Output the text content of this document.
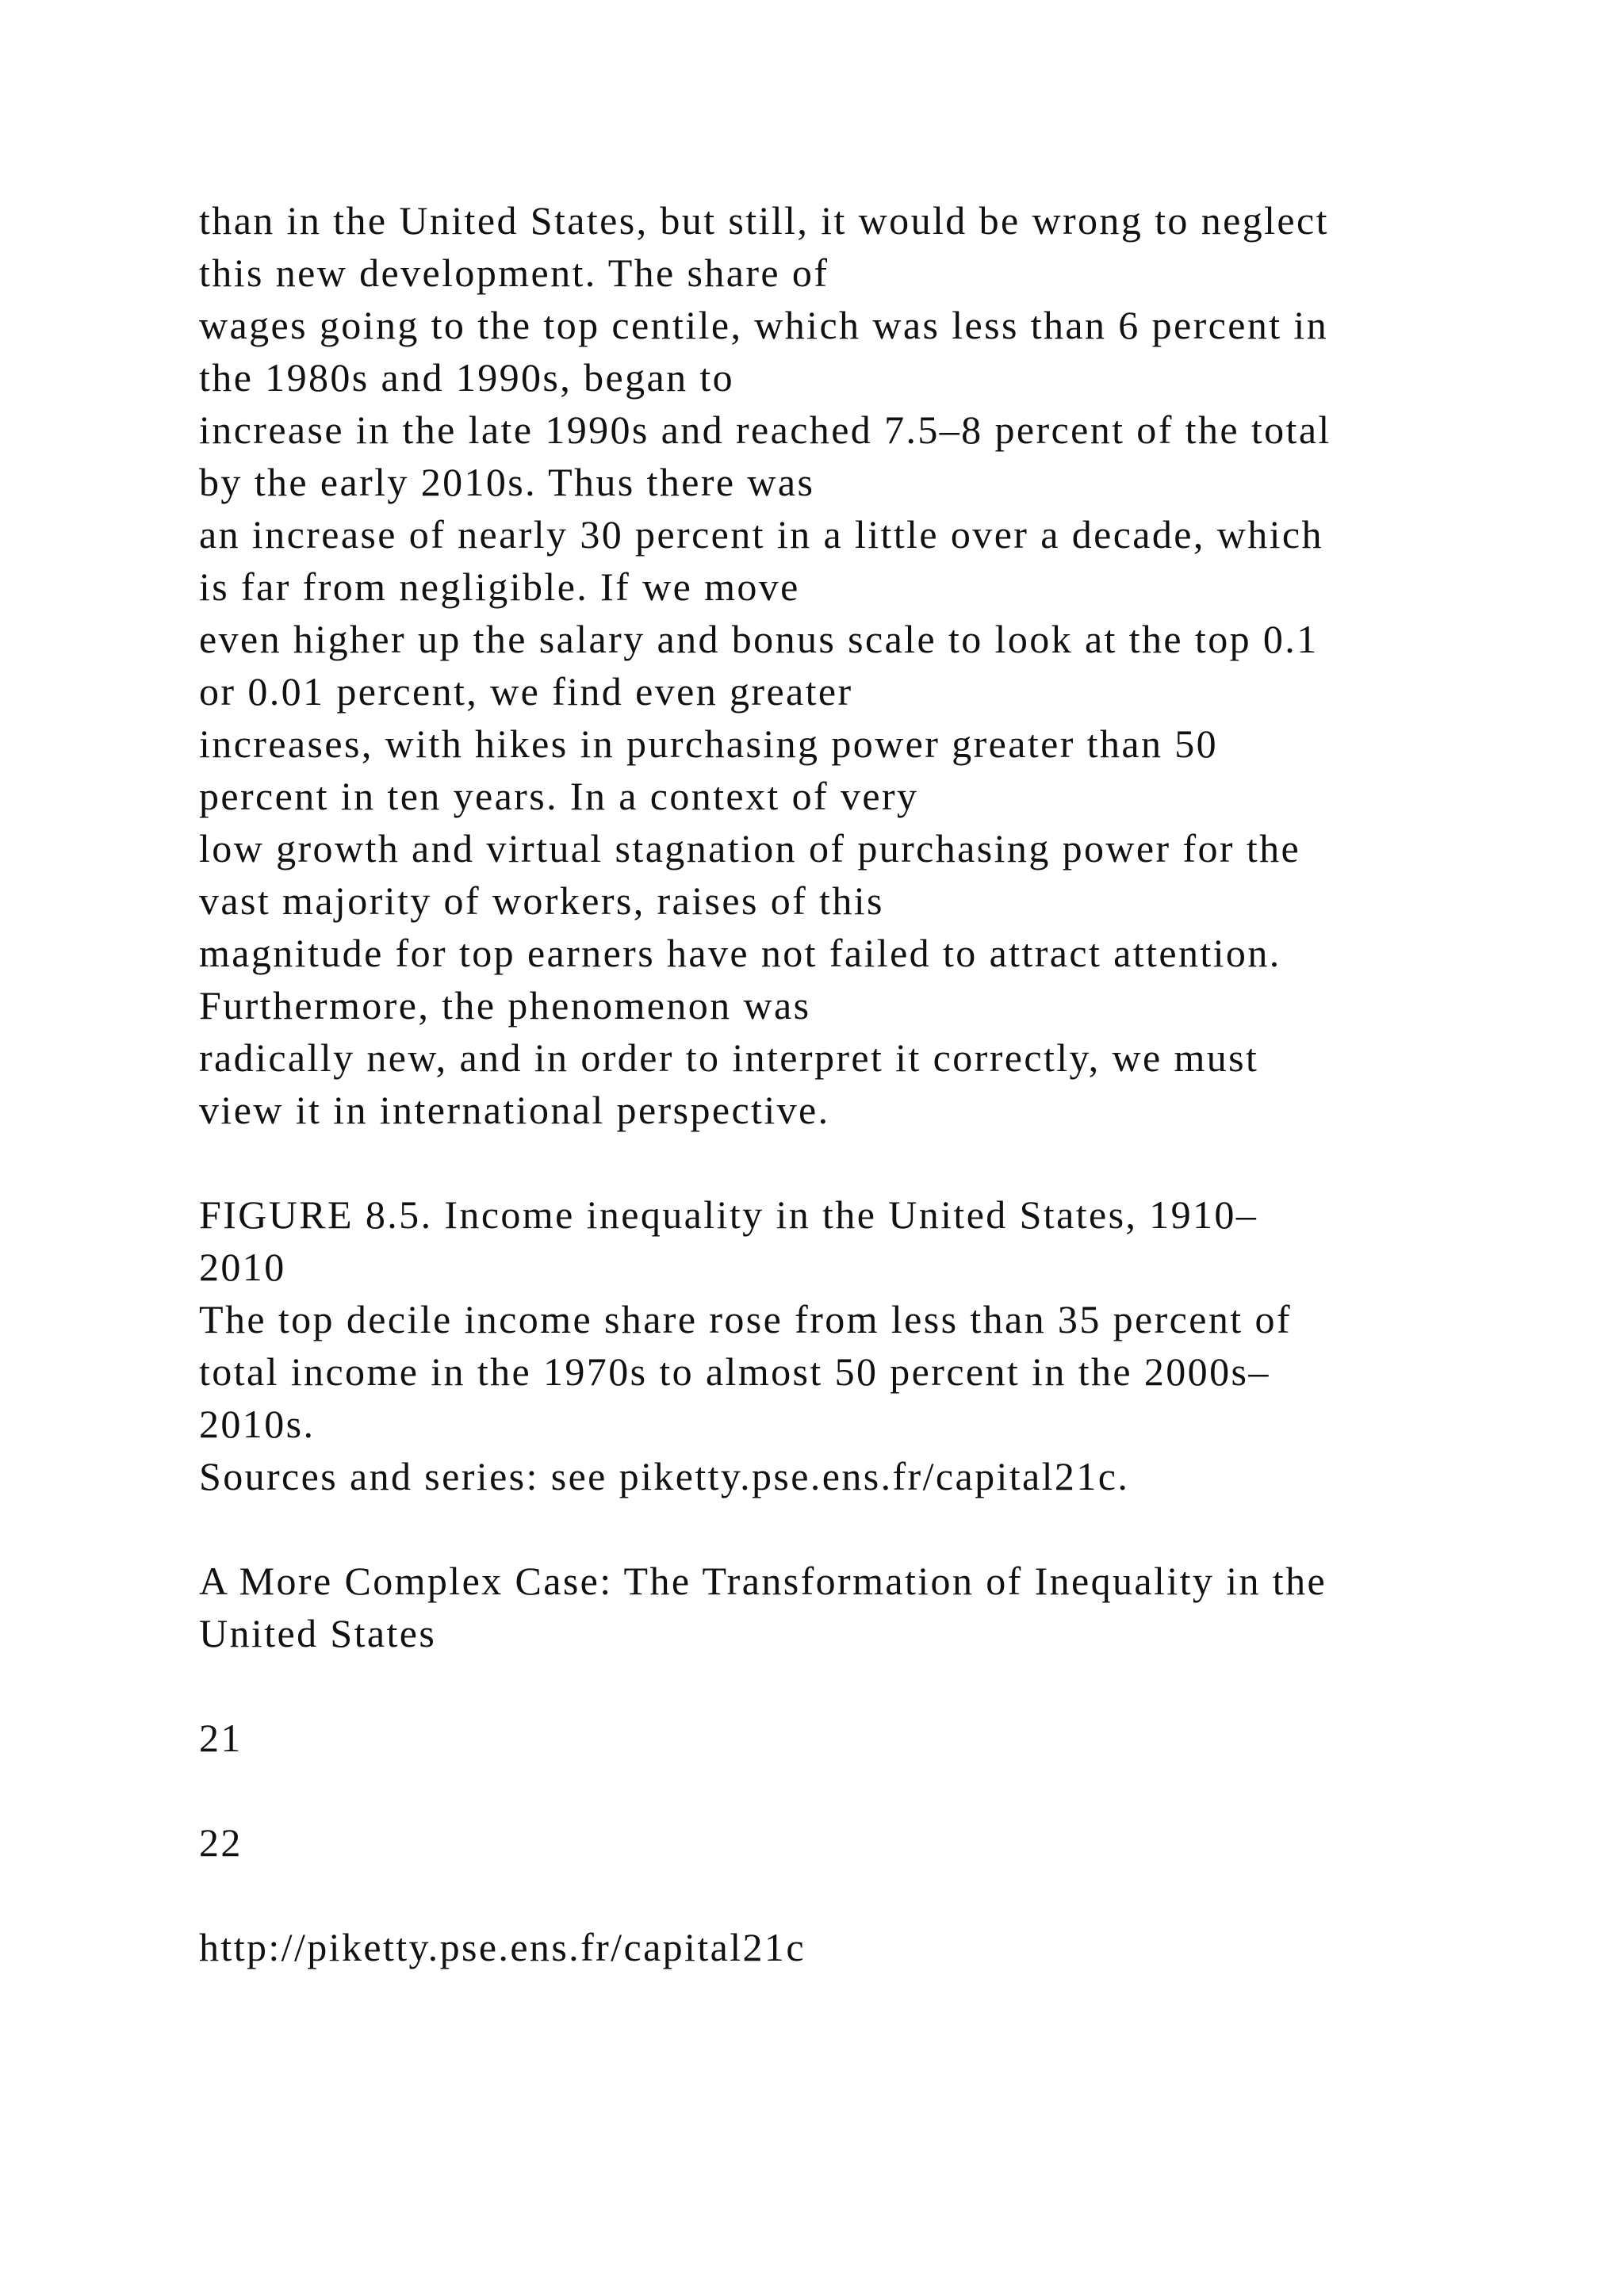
than in the United States, but still, it would be wrong to neglect
this new development. The share of
wages going to the top centile, which was less than 6 percent in
the 1980s and 1990s, began to
increase in the late 1990s and reached 7.5–8 percent of the total
by the early 2010s. Thus there was
an increase of nearly 30 percent in a little over a decade, which
is far from negligible. If we move
even higher up the salary and bonus scale to look at the top 0.1
or 0.01 percent, we find even greater
increases, with hikes in purchasing power greater than 50
percent in ten years. In a context of very
low growth and virtual stagnation of purchasing power for the
vast majority of workers, raises of this
magnitude for top earners have not failed to attract attention.
Furthermore, the phenomenon was
radically new, and in order to interpret it correctly, we must
view it in international perspective.
FIGURE 8.5. Income inequality in the United States, 1910–
2010
The top decile income share rose from less than 35 percent of
total income in the 1970s to almost 50 percent in the 2000s–
2010s.
Sources and series: see piketty.pse.ens.fr/capital21c.
A More Complex Case: The Transformation of Inequality in the
United States
21
22
http://piketty.pse.ens.fr/capital21c
